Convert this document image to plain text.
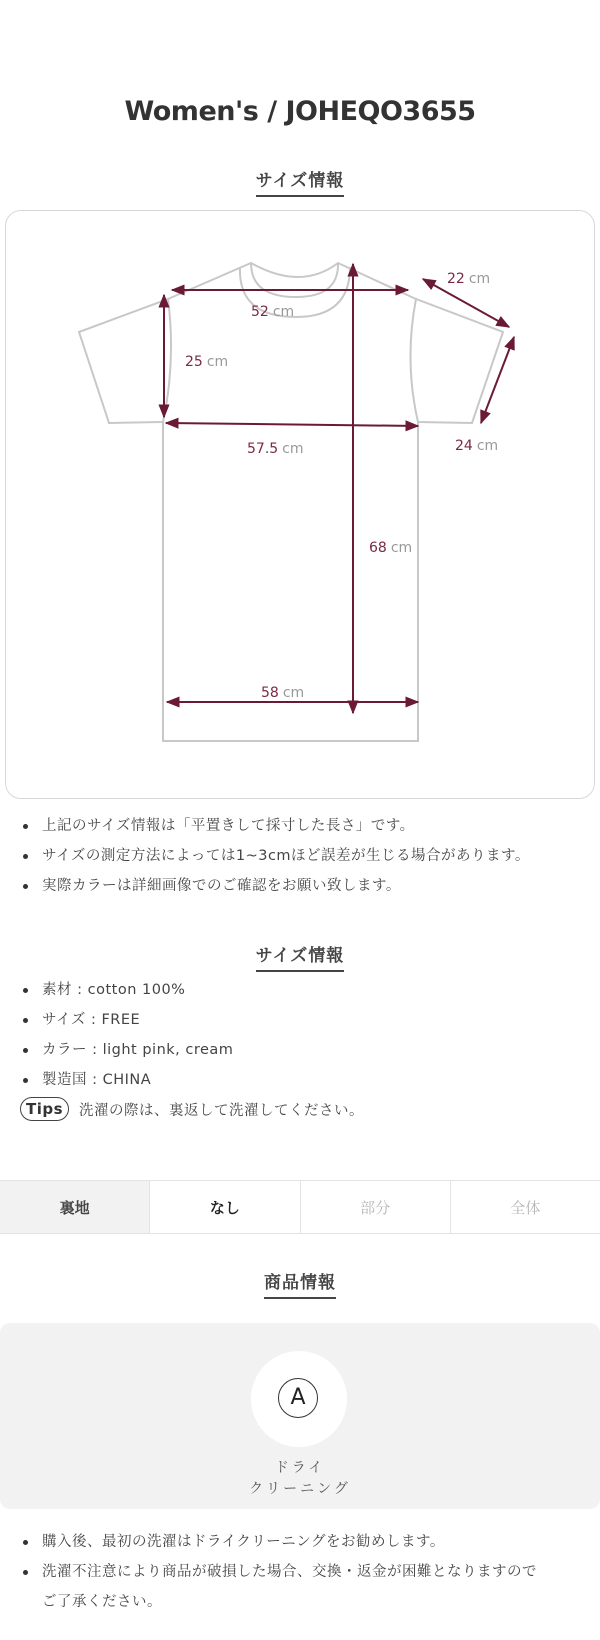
Women's / JOHEQO3655
サイズ情報
52 cm
22 cm
25 cm
57.5 cm	24 cm
68 cm
58 cm
上記のサイズ情報は「平置きして採寸した長さ」です。
サイズの測定方法によっては1~3cmほど誤差が生じる場合があります。
実際カラーは詳細画像でのご確認をお願い致します。
サイズ情報
素材 : cotton 100%
サイズ : FREE
カラー : light pink, cream
製造国 : CHINA
Tips	洗濯の際は、裏返して洗濯してください。
裏地	なし	部分	全体
商品情報
A
ドライ
クリーニング
購入後、最初の洗濯はドライクリーニングをお勧めします。
洗濯不注意により商品が破損した場合、交換・返金が困難となりますので
ご了承ください。
